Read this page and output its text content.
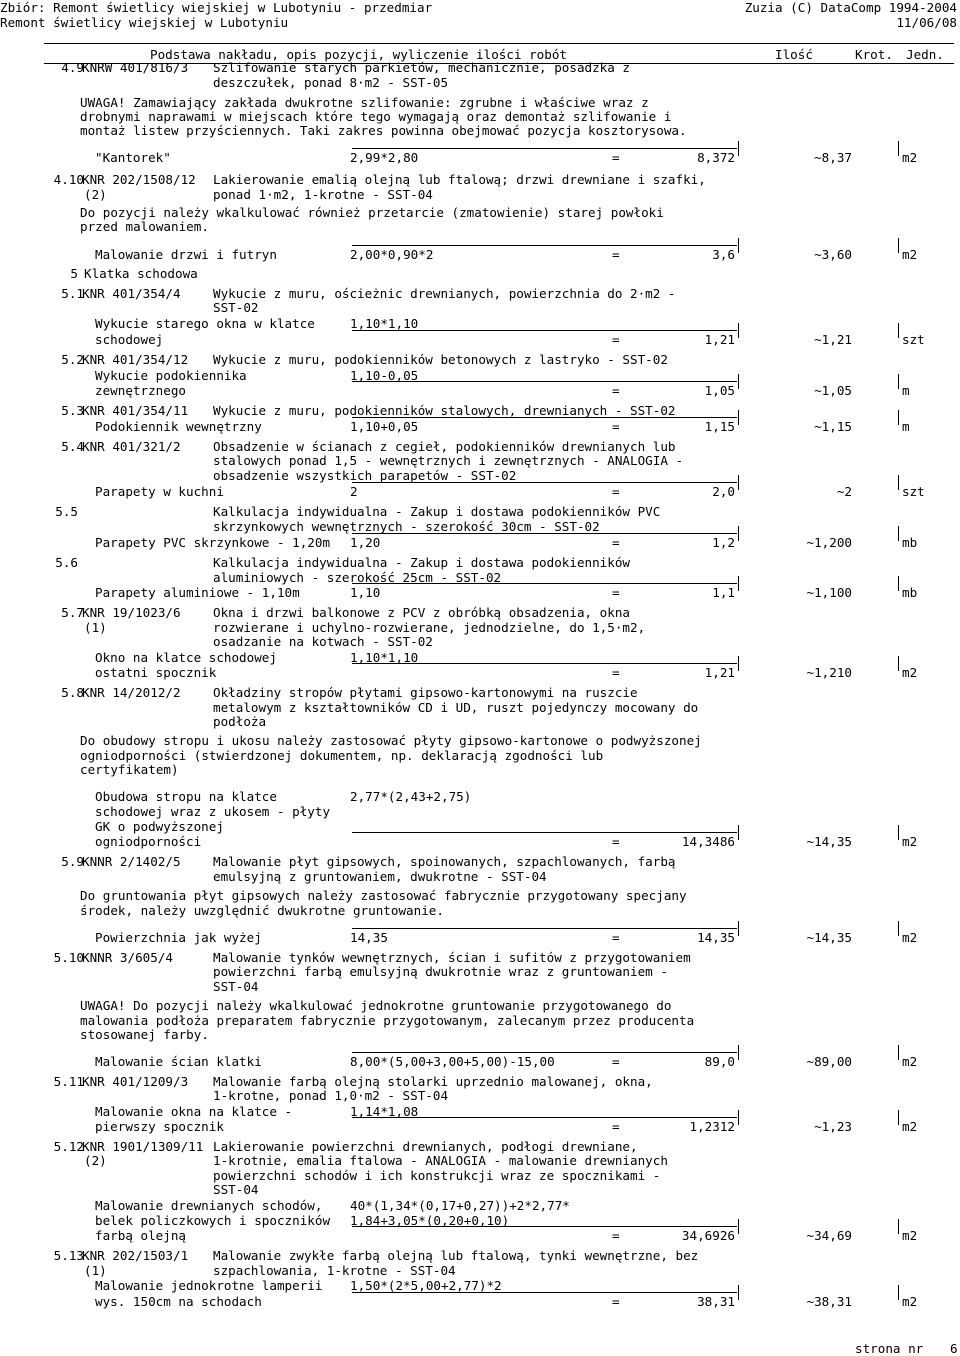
Zbiór: Remont świetlicy wiejskiej w Lubotyniu - przedmiar
Remont świetlicy wiejskiej w Lubotyniu
Zuzia (C) DataComp 1994-2004
11/06/08
Podstawa nakładu, opis pozycji, wyliczenie ilości robót	Ilość	Krot. Jedn.
4.9
KNRW 401/816/3 Szlifowanie starych parkietów, mechanicznie, posadzka z
deszczułek, ponad 8·m2 - SST-05
UWAGA! Zamawiający zakłada dwukrotne szlifowanie: zgrubne i właściwe wraz z
drobnymi naprawami w miejscach które tego wymagają oraz demontaż szlifowanie i
montaż listew przyściennych. Taki zakres powinna obejmować pozycja kosztorysowa.
"Kantorek"	2,99*2,80	=	8,372	~8,37	m2
4.10
KNR 202/1508/12 Lakierowanie emalią olejną lub ftalową; drzwi drewniane i szafki,
(2)	ponad 1·m2, 1-krotne - SST-04
Do pozycji należy wkalkulować również przetarcie (zmatowienie) starej powłoki
przed malowaniem.
Malowanie drzwi i futryn	2,00*0,90*2	=	3,6	~3,60	m2
5 Klatka schodowa
5.1
KNR 401/354/4	Wykucie z muru, ościeżnic drewnianych, powierzchnia do 2·m2 -
SST-02
Wykucie starego okna w klatce	1,10*1,10
schodowej	=	1,21	~1,21	szt
5.2
KNR 401/354/12 Wykucie z muru, podokienników betonowych z lastryko - SST-02
Wykucie podokiennika	1,10-0,05
zewnętrznego	=	1,05	~1,05	m
5.3
KNR 401/354/11 Wykucie z muru, podokienników stalowych, drewnianych - SST-02
Podokiennik wewnętrzny	1,10+0,05	=	1,15	~1,15	m
5.4
KNR 401/321/2	Obsadzenie w ścianach z cegieł, podokienników drewnianych lub
stalowych ponad 1,5 - wewnętrznych i zewnętrznych - ANALOGIA -
obsadzenie wszystkich parapetów - SST-02
Parapety w kuchni	2	=	2,0	~2	szt
5.5	Kalkulacja indywidualna - Zakup i dostawa podokienników PVC
skrzynkowych wewnętrznych - szerokość 30cm - SST-02
Parapety PVC skrzynkowe - 1,20m 1,20	=	1,2	~1,200	mb
5.6	Kalkulacja indywidualna - Zakup i dostawa podokienników
aluminiowych - szerokość 25cm - SST-02
Parapety aluminiowe - 1,10m	1,10	=	1,1	~1,100	mb
5.7
KNR 19/1023/6	Okna i drzwi balkonowe z PCV z obróbką obsadzenia, okna
(1)	rozwierane i uchylno-rozwierane, jednodzielne, do 1,5·m2,
osadzanie na kotwach - SST-02
Okno na klatce schodowej	1,10*1,10
ostatni spocznik	=	1,21	~1,210	m2
5.8
KNR 14/2012/2	Okładziny stropów płytami gipsowo-kartonowymi na ruszcie
metalowym z kształtowników CD i UD, ruszt pojedynczy mocowany do
podłoża
Do obudowy stropu i ukosu należy zastosować płyty gipsowo-kartonowe o podwyższonej
ogniodporności (stwierdzonej dokumentem, np. deklaracją zgodności lub
certyfikatem)
Obudowa stropu na klatce	2,77*(2,43+2,75)
schodowej wraz z ukosem - płyty
GK o podwyższonej
ogniodporności	=	14,3486	~14,35	m2
5.9
KNNR 2/1402/5	Malowanie płyt gipsowych, spoinowanych, szpachlowanych, farbą
emulsyjną z gruntowaniem, dwukrotne - SST-04
Do gruntowania płyt gipsowych należy zastosować fabrycznie przygotowany specjany
środek, należy uwzględnić dwukrotne gruntowanie.
Powierzchnia jak wyżej	14,35	=	14,35	~14,35	m2
5.10
KNNR 3/605/4	Malowanie tynków wewnętrznych, ścian i sufitów z przygotowaniem
powierzchni farbą emulsyjną dwukrotnie wraz z gruntowaniem -
SST-04
UWAGA! Do pozycji należy wkalkulować jednokrotne gruntowanie przygotowanego do
malowania podłoża preparatem fabrycznie przygotowanym, zalecanym przez producenta
stosowanej farby.
Malowanie ścian klatki	8,00*(5,00+3,00+5,00)-15,00	=	89,0	~89,00	m2
5.11
KNR 401/1209/3 Malowanie farbą olejną stolarki uprzednio malowanej, okna,
1-krotne, ponad 1,0·m2 - SST-04
Malowanie okna na klatce -	1,14*1,08
pierwszy spocznik	=	1,2312	~1,23	m2
5.12
KNR 1901/1309/11 Lakierowanie powierzchni drewnianych, podłogi drewniane,
(2)	1-krotnie, emalia ftalowa - ANALOGIA - malowanie drewnianych
powierzchni schodów i ich konstrukcji wraz ze spocznikami -
SST-04
Malowanie drewnianych schodów, 40*(1,34*(0,17+0,27))+2*2,77*
belek policzkowych i spoczników 1,84+3,05*(0,20+0,10)
farbą olejną	=	34,6926	~34,69	m2
5.13
KNR 202/1503/1 Malowanie zwykłe farbą olejną lub ftalową, tynki wewnętrzne, bez
(1)	szpachlowania, 1-krotne - SST-04
Malowanie jednokrotne lamperii 1,50*(2*5,00+2,77)*2
wys. 150cm na schodach	=	38,31	~38,31	m2
strona nr 6
